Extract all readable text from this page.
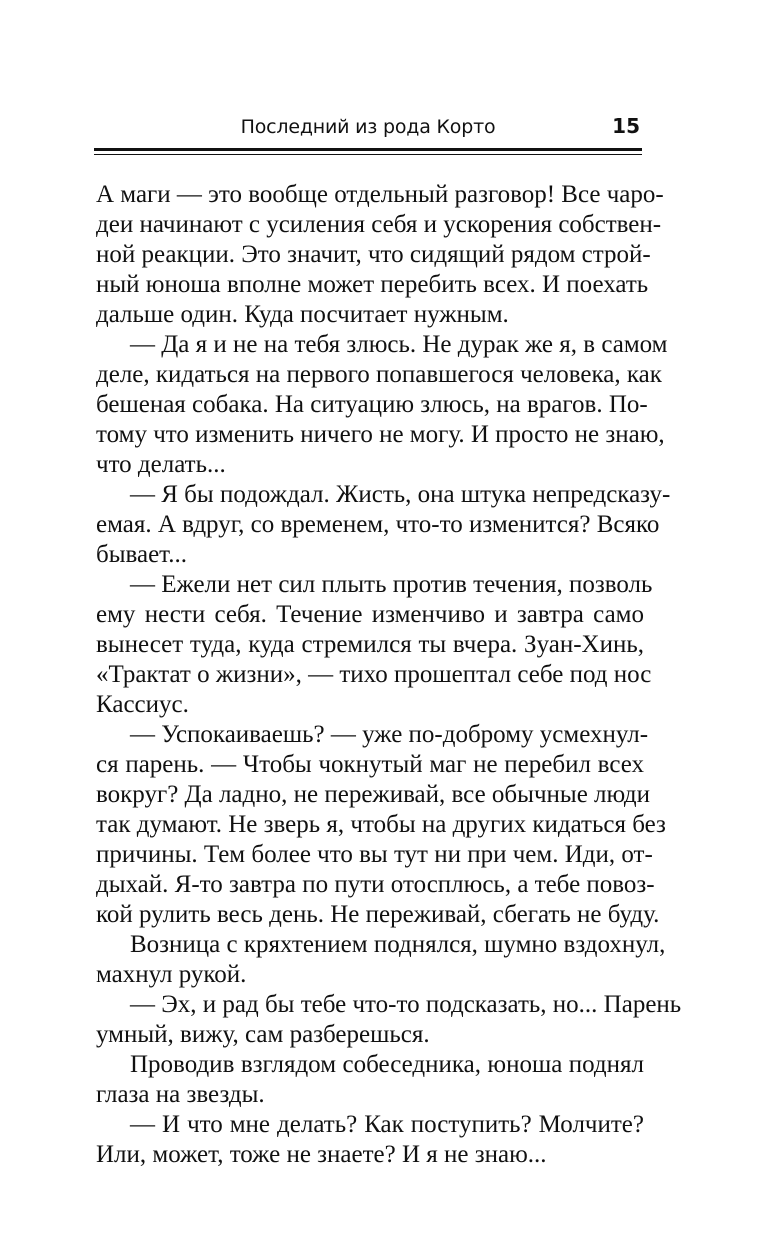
Последний из рода Корто	15
А маги — это вообще отдельный разговор! Все чаро-
деи начинают с усиления себя и ускорения собствен-
ной реакции. Это значит, что сидящий рядом строй-
ный юноша вполне может перебить всех. И поехать
дальше один. Куда посчитает нужным.
— Да я и не на тебя злюсь. Не дурак же я, в самом
деле, кидаться на первого попавшегося человека, как
бешеная собака. На ситуацию злюсь, на врагов. По-
тому что изменить ничего не могу. И просто не знаю,
что делать...
— Я бы подождал. Жисть, она штука непредсказу-
емая. А вдруг, со временем, что-то изменится? Всяко
бывает...
— Ежели нет сил плыть против течения, позволь
ему нести себя. Течение изменчиво и завтра само
вынесет туда, куда стремился ты вчера. Зуан-Хинь,
«Трактат о жизни», — тихо прошептал себе под нос
Кассиус.
— Успокаиваешь? — уже по-доброму усмехнул-
ся парень. — Чтобы чокнутый маг не перебил всех
вокруг? Да ладно, не переживай, все обычные люди
так думают. Не зверь я, чтобы на других кидаться без
причины. Тем более что вы тут ни при чем. Иди, от-
дыхай. Я-то завтра по пути отосплюсь, а тебе повоз-
кой рулить весь день. Не переживай, сбегать не буду.
Возница с кряхтением поднялся, шумно вздохнул,
махнул рукой.
— Эх, и рад бы тебе что-то подсказать, но... Парень
умный, вижу, сам разберешься.
Проводив взглядом собеседника, юноша поднял
глаза на звезды.
— И что мне делать? Как поступить? Молчите?
Или, может, тоже не знаете? И я не знаю...
